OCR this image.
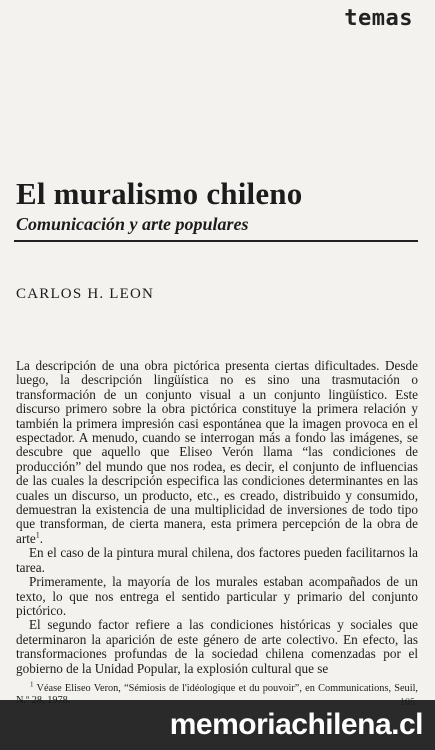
temas
El muralismo chileno
Comunicación y arte populares
CARLOS H. LEON

La descripción de una obra pictórica presenta ciertas dificultades. Desde luego, la descripción lingüística no es sino una trasmutación o transformación de un conjunto visual a un conjunto lingüístico. Este discurso primero sobre la obra pictórica constituye la primera relación y también la primera impresión casi espontánea que la imagen provoca en el espectador. A menudo, cuando se interrogan más a fondo las imágenes, se descubre que aquello que Eliseo Verón llama “las condiciones de producción” del mundo que nos rodea, es decir, el conjunto de influencias de las cuales la descripción especifica las condiciones determinantes en las cuales un discurso, un producto, etc., es creado, distribuido y consumido, demuestran la existencia de una multiplicidad de inversiones de todo tipo que transforman, de cierta manera, esta primera percepción de la obra de arte$^1$.

En el caso de la pintura mural chilena, dos factores pueden facilitarnos la tarea.

Primeramente, la mayoría de los murales estaban acompañados de un texto, lo que nos entrega el sentido particular y primario del conjunto pictórico.

El segundo factor refiere a las condiciones históricas y sociales que determinaron la aparición de este género de arte colectivo. En efecto, las transformaciones profundas de la sociedad chilena comenzadas por el gobierno de la Unidad Popular, la explosión cultural que se

$^1$ Véase Eliseo Veron, “Sémiosis de l'idéologique et du pouvoir”, en Communications, Seuil,
memoriachilena.cl
